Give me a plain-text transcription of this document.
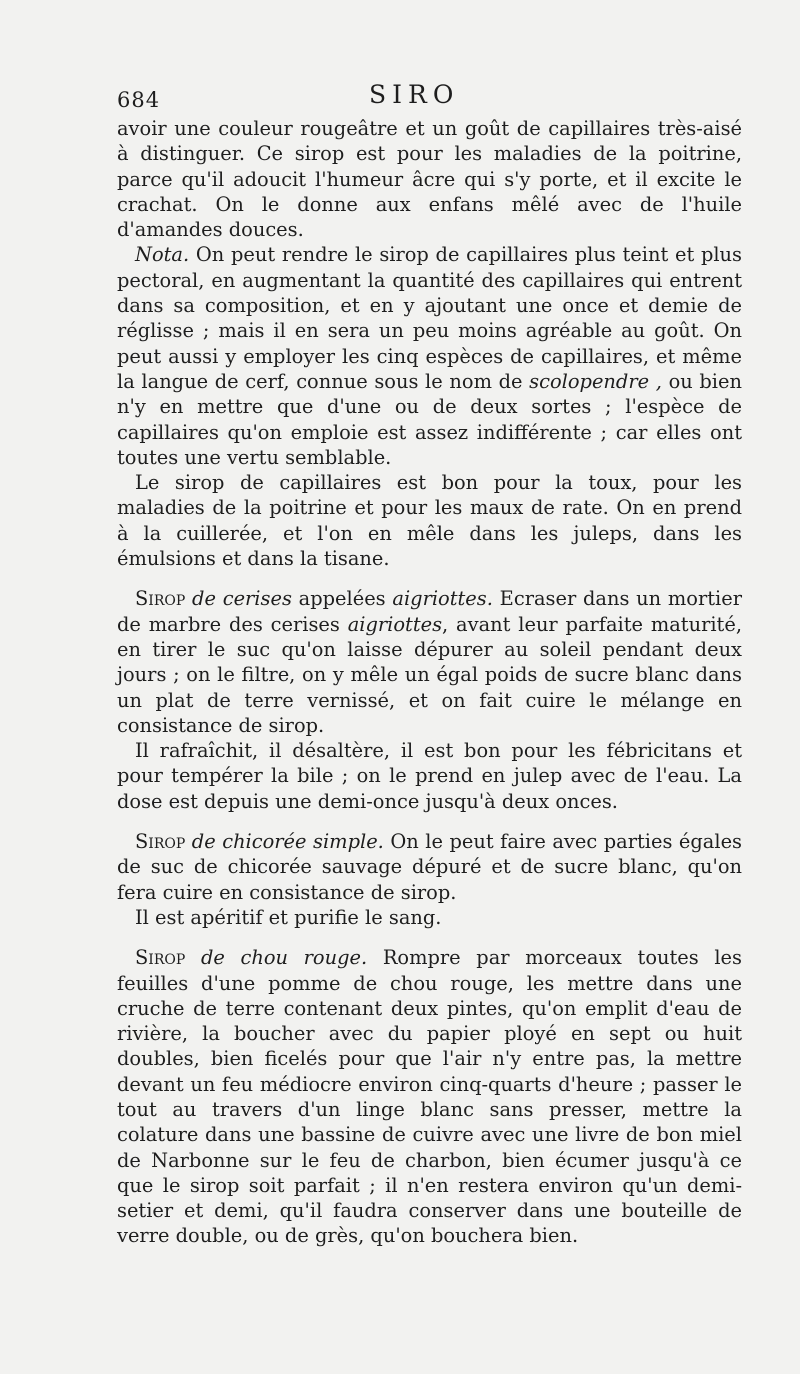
684	SIRO

avoir une couleur rougeâtre et un goût de capillaires très-aisé à distinguer. Ce sirop est pour les maladies de la poitrine, parce qu'il adoucit l'humeur âcre qui s'y porte, et il excite le crachat. On le donne aux enfans mêlé avec de l'huile d'amandes douces.

Nota. On peut rendre le sirop de capillaires plus teint et plus pectoral, en augmentant la quantité des capillaires qui entrent dans sa composition, et en y ajoutant une once et demie de réglisse ; mais il en sera un peu moins agréable au goût. On peut aussi y employer les cinq espèces de capillaires, et même la langue de cerf, connue sous le nom de scolopendre , ou bien n'y en mettre que d'une ou de deux sortes ; l'espèce de capillaires qu'on emploie est assez indifférente ; car elles ont toutes une vertu semblable.

Le sirop de capillaires est bon pour la toux, pour les maladies de la poitrine et pour les maux de rate. On en prend à la cuillerée, et l'on en mêle dans les juleps, dans les émulsions et dans la tisane.

Sirop de cerises appelées aigriottes. Ecraser dans un mortier de marbre des cerises aigriottes, avant leur parfaite maturité, en tirer le suc qu'on laisse dépurer au soleil pendant deux jours ; on le filtre, on y mêle un égal poids de sucre blanc dans un plat de terre vernissé, et on fait cuire le mélange en consistance de sirop.

Il rafraîchit, il désaltère, il est bon pour les fébricitans et pour tempérer la bile ; on le prend en julep avec de l'eau. La dose est depuis une demi-once jusqu'à deux onces.

Sirop de chicorée simple. On le peut faire avec parties égales de suc de chicorée sauvage dépuré et de sucre blanc, qu'on fera cuire en consistance de sirop.

Il est apéritif et purifie le sang.

Sirop de chou rouge. Rompre par morceaux toutes les feuilles d'une pomme de chou rouge, les mettre dans une cruche de terre contenant deux pintes, qu'on emplit d'eau de rivière, la boucher avec du papier ployé en sept ou huit doubles, bien ficelés pour que l'air n'y entre pas, la mettre devant un feu médiocre environ cinq-quarts d'heure ; passer le tout au travers d'un linge blanc sans presser, mettre la colature dans une bassine de cuivre avec une livre de bon miel de Narbonne sur le feu de charbon, bien écumer jusqu'à ce que le sirop soit parfait ; il n'en restera environ qu'un demi-setier et demi, qu'il faudra conserver dans une bouteille de verre double, ou de grès, qu'on bouchera bien.
